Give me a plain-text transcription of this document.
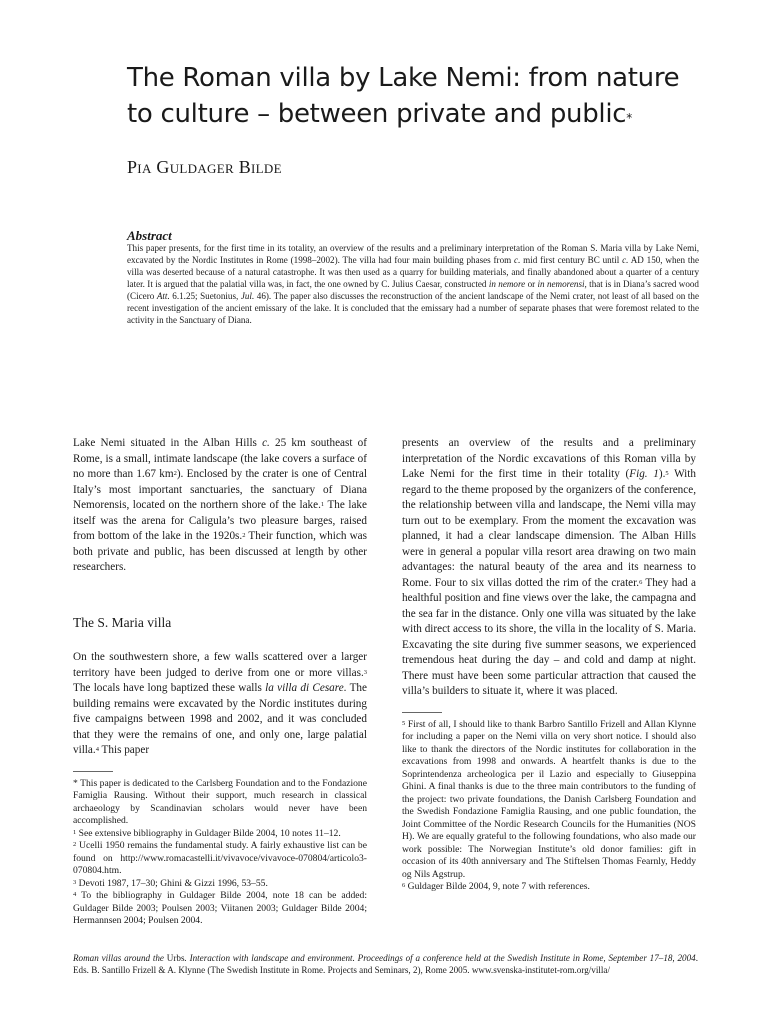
The Roman villa by Lake Nemi: from nature to culture – between private and public*
Pia Guldager Bilde
Abstract

This paper presents, for the first time in its totality, an overview of the results and a preliminary interpretation of the Roman S. Maria villa by Lake Nemi, excavated by the Nordic Institutes in Rome (1998–2002). The villa had four main building phases from c. mid first century BC until c. AD 150, when the villa was deserted because of a natural catastrophe. It was then used as a quarry for building materials, and finally abandoned about a quarter of a century later. It is argued that the palatial villa was, in fact, the one owned by C. Julius Caesar, constructed in nemore or in nemorensi, that is in Diana’s sacred wood (Cicero Att. 6.1.25; Suetonius, Jul. 46). The paper also discusses the reconstruction of the ancient landscape of the Nemi crater, not least of all based on the recent investigation of the ancient emissary of the lake. It is concluded that the emissary had a number of separate phases that were foremost related to the activity in the Sanctuary of Diana.

Lake Nemi situated in the Alban Hills c. 25 km southeast of Rome, is a small, intimate landscape (the lake covers a surface of no more than 1.67 $km^2$). Enclosed by the crater is one of Central Italy’s most important sanctuaries, the sanctuary of Diana Nemorensis, located on the northern shore of the lake.$^1$ The lake itself was the arena for Caligula’s two pleasure barges, raised from bottom of the lake in the 1920s.$^2$ Their function, which was both private and public, has been discussed at length by other researchers.

The S. Maria villa

On the southwestern shore, a few walls scattered over a larger territory have been judged to derive from one or more villas.$^3$ The locals have long baptized these walls la villa di Cesare. The building remains were excavated by the Nordic institutes during five campaigns between 1998 and 2002, and it was concluded that they were the remains of one, and only one, large palatial villa.$^4$ This paper

* This paper is dedicated to the Carlsberg Foundation and to the Fondazione Famiglia Rausing. Without their support, much research in classical archaeology by Scandinavian scholars would never have been accomplished.

$^1$ See extensive bibliography in Guldager Bilde 2004, 10 notes 11–12.

$^2$ Ucelli 1950 remains the fundamental study. A fairly exhaustive list can be found on http://www.romacastelli.it/vivavoce/vivavoce-070804/articolo3-070804.htm.

$^3$ Devoti 1987, 17–30; Ghini & Gizzi 1996, 53–55.

$^4$ To the bibliography in Guldager Bilde 2004, note 18 can be added: Guldager Bilde 2003; Poulsen 2003; Viitanen 2003; Guldager Bilde 2004; Hermannsen 2004; Poulsen 2004.

presents an overview of the results and a preliminary interpretation of the Nordic excavations of this Roman villa by Lake Nemi for the first time in their totality (Fig. 1).$^5$ With regard to the theme proposed by the organizers of the conference, the relationship between villa and landscape, the Nemi villa may turn out to be exemplary. From the moment the excavation was planned, it had a clear landscape dimension. The Alban Hills were in general a popular villa resort area drawing on two main advantages: the natural beauty of the area and its nearness to Rome. Four to six villas dotted the rim of the crater.$^6$ They had a healthful position and fine views over the lake, the campagna and the sea far in the distance. Only one villa was situated by the lake with direct access to its shore, the villa in the locality of S. Maria. Excavating the site during five summer seasons, we experienced tremendous heat during the day – and cold and damp at night. There must have been some particular attraction that caused the villa’s builders to situate it, where it was placed.

$^5$ First of all, I should like to thank Barbro Santillo Frizell and Allan Klynne for including a paper on the Nemi villa on very short notice. I should also like to thank the directors of the Nordic institutes for collaboration in the excavations from 1998 and onwards. A heartfelt thanks is due to the Soprintendenza archeologica per il Lazio and especially to Giuseppina Ghini. A final thanks is due to the three main contributors to the funding of the project: two private foundations, the Danish Carlsberg Foundation and the Swedish Fondazione Famiglia Rausing, and one public foundation, the Joint Committee of the Nordic Research Councils for the Humanities (NOS H). We are equally grateful to the following foundations, who also made our work possible: The Norwegian Institute’s old donor families: gift in occasion of its 40th anniversary and The Stiftelsen Thomas Fearnly, Heddy og Nils Agstrup.

$^6$ Guldager Bilde 2004, 9, note 7 with references.

Roman villas around the Urbs. Interaction with landscape and environment. Proceedings of a conference held at the Swedish Institute in Rome, September 17–18, 2004. Eds. B. Santillo Frizell & A. Klynne (The Swedish Institute in Rome. Projects and Seminars, 2), Rome 2005. www.svenska-institutet-rom.org/villa/
